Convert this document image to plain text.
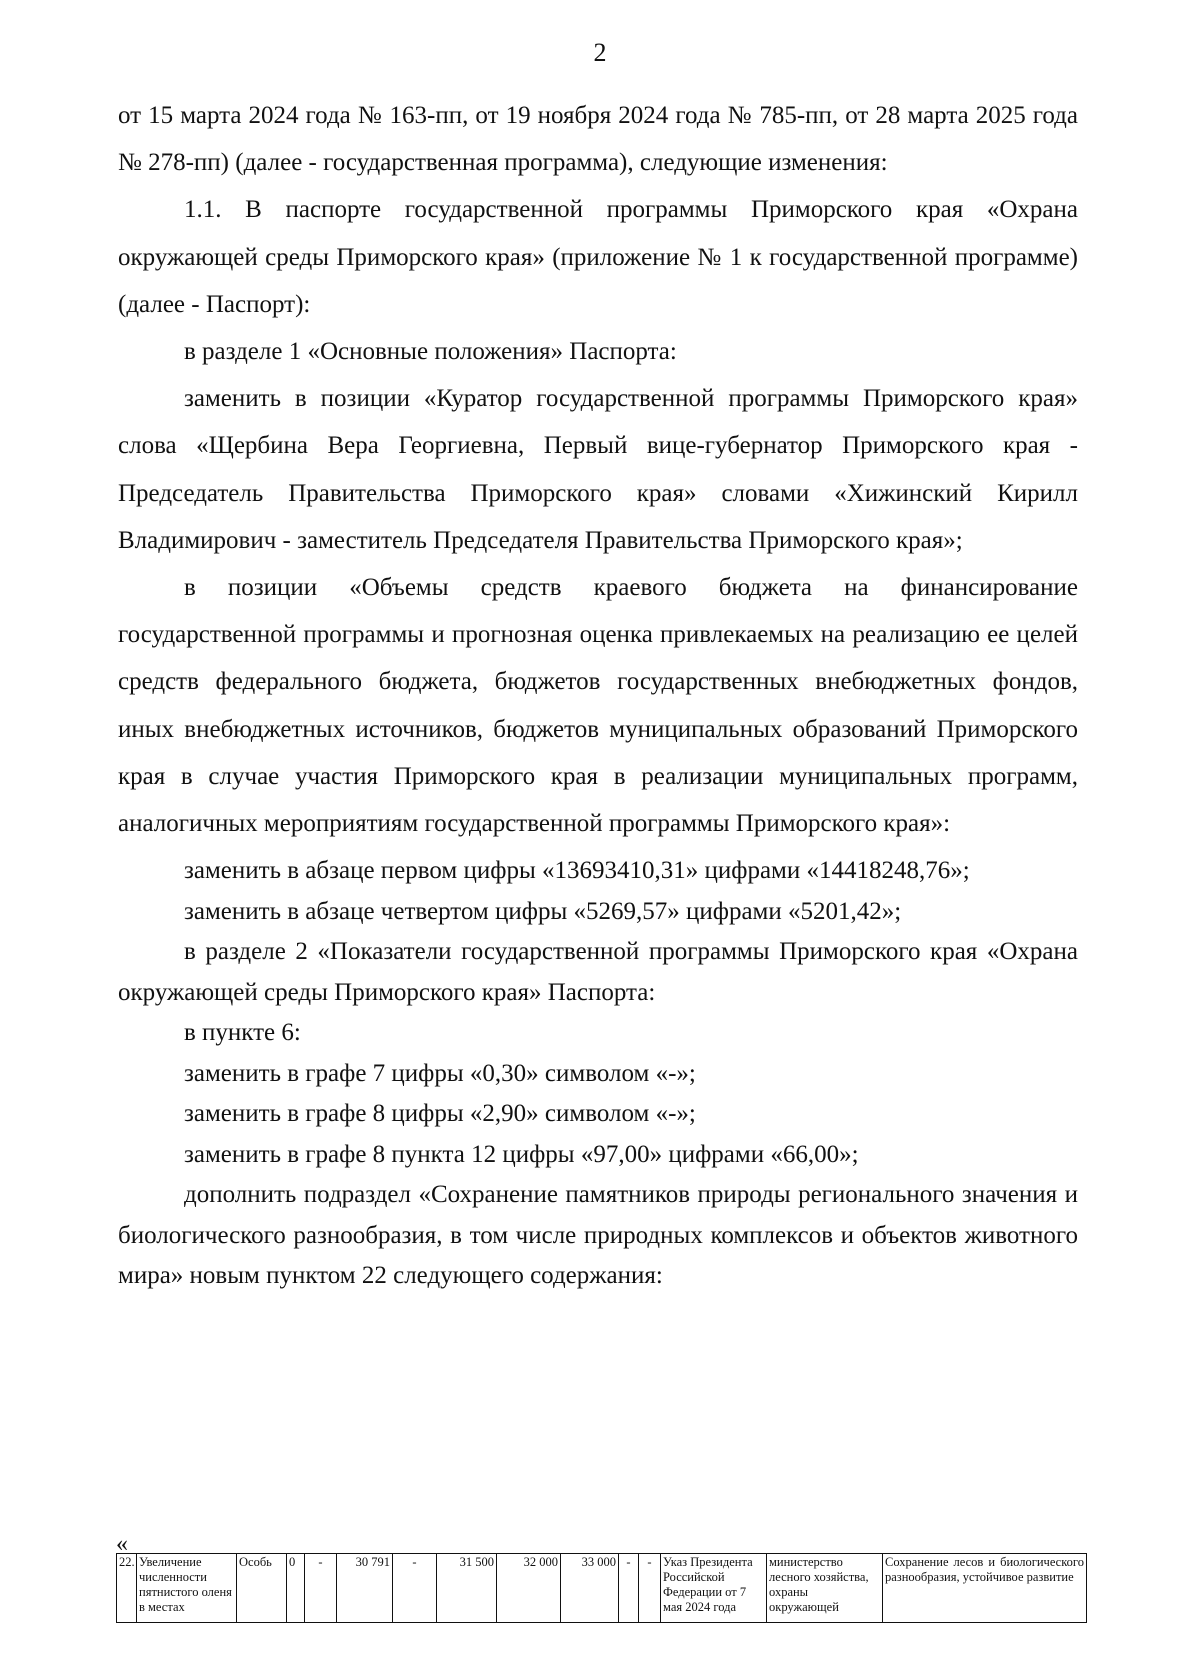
2

от 15 марта 2024 года № 163-пп, от 19 ноября 2024 года № 785-пп, от 28 марта 2025 года № 278-пп) (далее - государственная программа), следующие изменения:

1.1. В паспорте государственной программы Приморского края «Охрана окружающей среды Приморского края» (приложение № 1 к государственной программе) (далее - Паспорт):

в разделе 1 «Основные положения» Паспорта:

заменить в позиции «Куратор государственной программы Приморского края» слова «Щербина Вера Георгиевна, Первый вице-губернатор Приморского края - Председатель Правительства Приморского края» словами «Хижинский Кирилл Владимирович - заместитель Председателя Правительства Приморского края»;

в позиции «Объемы средств краевого бюджета на финансирование государственной программы и прогнозная оценка привлекаемых на реализацию ее целей средств федерального бюджета, бюджетов государственных внебюджетных фондов, иных внебюджетных источников, бюджетов муниципальных образований Приморского края в случае участия Приморского края в реализации муниципальных программ, аналогичных мероприятиям государственной программы Приморского края»:

заменить в абзаце первом цифры «13693410,31» цифрами «14418248,76»;

заменить в абзаце четвертом цифры «5269,57» цифрами «5201,42»;

в разделе 2 «Показатели государственной программы Приморского края «Охрана окружающей среды Приморского края» Паспорта:

в пункте 6:

заменить в графе 7 цифры «0,30» символом «-»;

заменить в графе 8 цифры «2,90» символом «-»;

заменить в графе 8 пункта 12 цифры «97,00» цифрами «66,00»;

дополнить подраздел «Сохранение памятников природы регионального значения и биологического разнообразия, в том числе природных комплексов и объектов животного мира» новым пунктом 22 следующего содержания:

«
22.	Увеличение численности пятнистого оленя в местах	Особь	0	-	30 791	-	31 500	32 000	33 000	-	-	Указ Президента Российской Федерации от 7 мая 2024 года	министерство лесного хозяйства, охраны окружающей	Сохранение лесов и биологического разнообразия, устойчивое развитие
